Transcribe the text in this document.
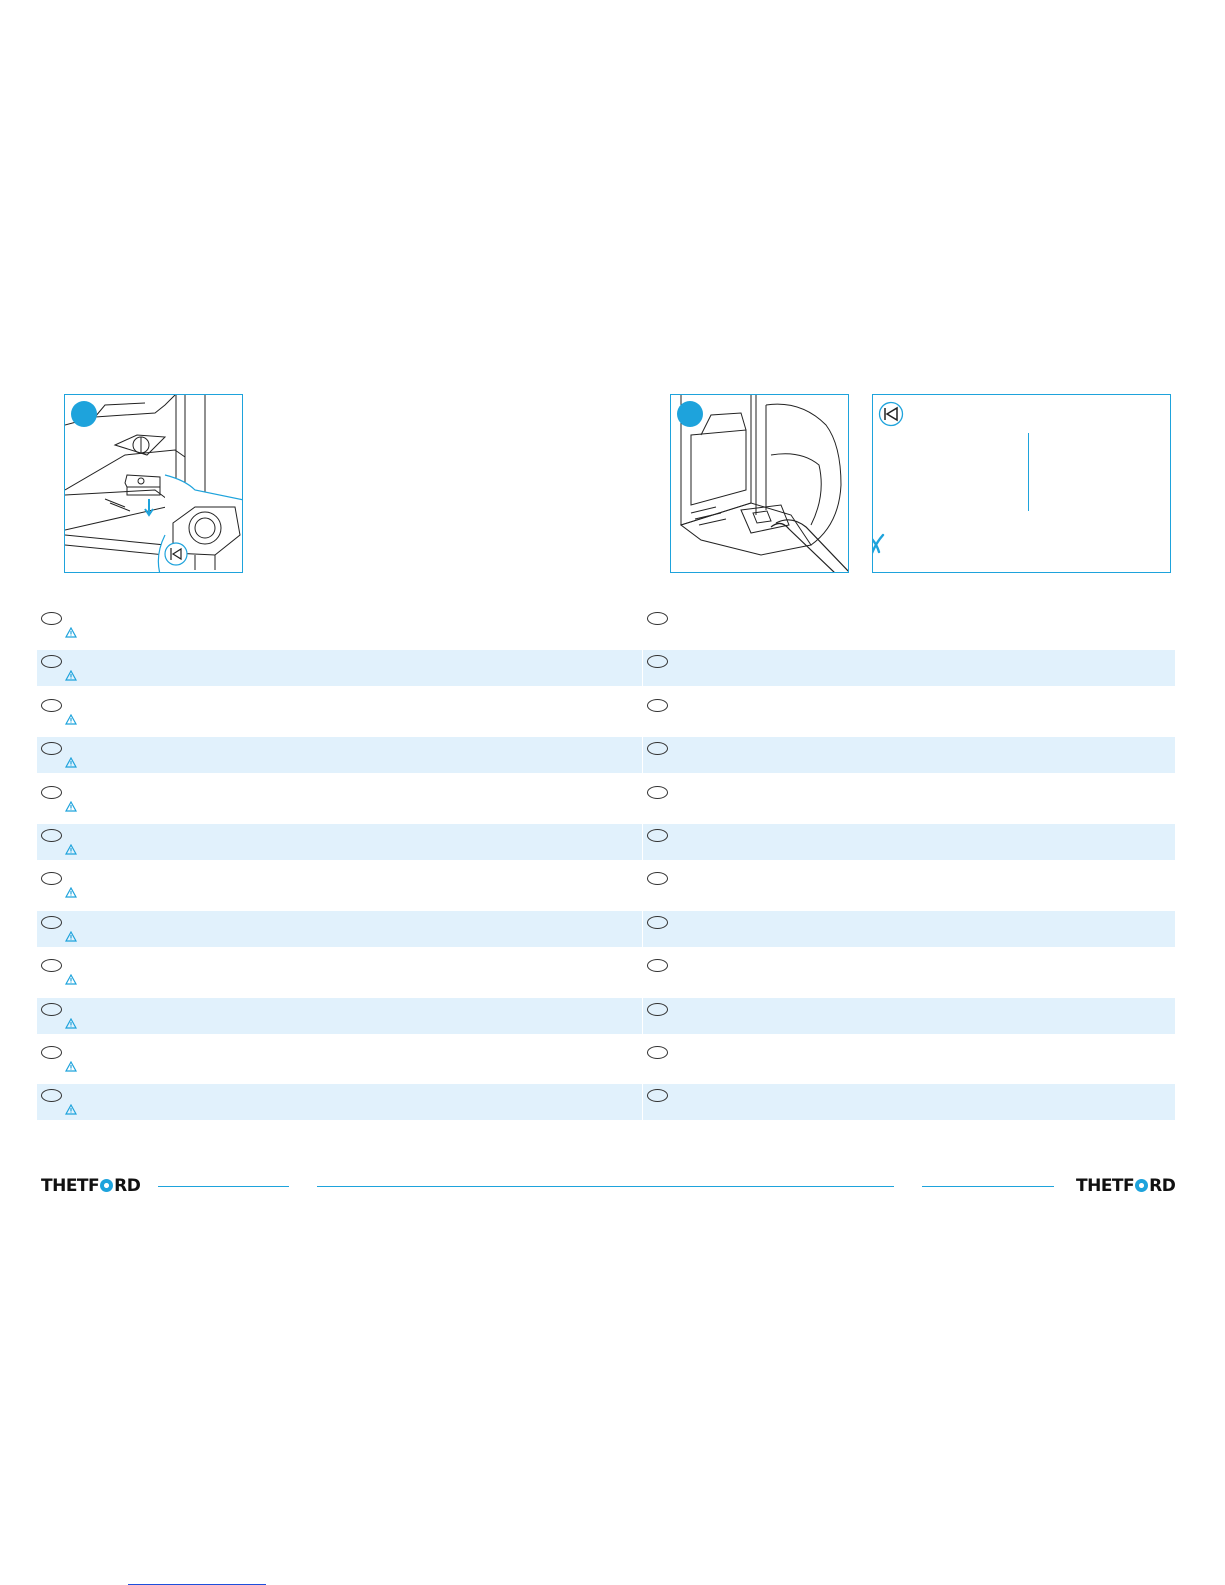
THETF RD	THETF RD
